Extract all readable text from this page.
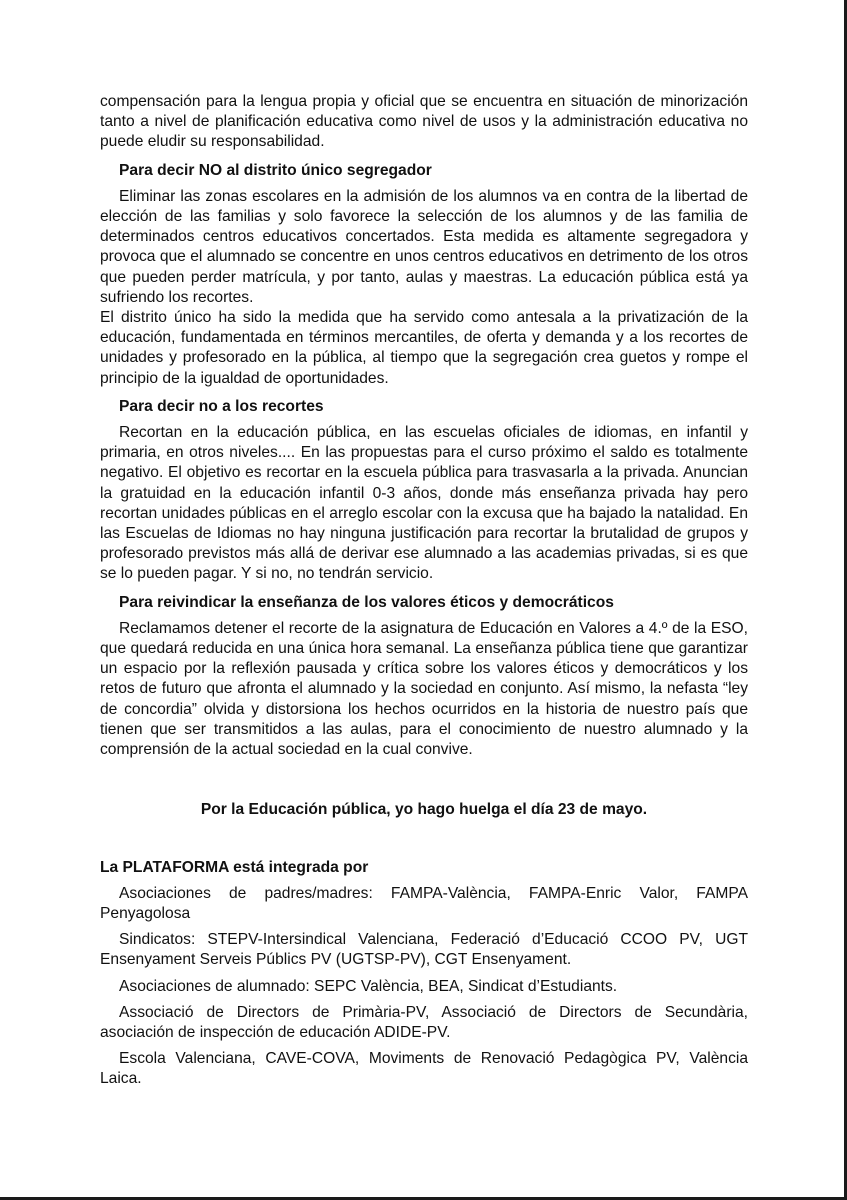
compensación para la lengua propia y oficial que se encuentra en situación de minorización tanto a nivel de planificación educativa como nivel de usos y la administración educativa no puede eludir su responsabilidad.

Para decir NO al distrito único segregador

Eliminar las zonas escolares en la admisión de los alumnos va en contra de la libertad de elección de las familias y solo favorece la selección de los alumnos y de las familia de determinados centros educativos concertados. Esta medida es altamente segregadora y provoca que el alumnado se concentre en unos centros educativos en detrimento de los otros que pueden perder matrícula, y por tanto, aulas y maestras. La educación pública está ya sufriendo los recortes.

El distrito único ha sido la medida que ha servido como antesala a la privatización de la educación, fundamentada en términos mercantiles, de oferta y demanda y a los recortes de unidades y profesorado en la pública, al tiempo que la segregación crea guetos y rompe el principio de la igualdad de oportunidades.

Para decir no a los recortes

Recortan en la educación pública, en las escuelas oficiales de idiomas, en infantil y primaria, en otros niveles.... En las propuestas para el curso próximo el saldo es totalmente negativo. El objetivo es recortar en la escuela pública para trasvasarla a la privada. Anuncian la gratuidad en la educación infantil 0-3 años, donde más enseñanza privada hay pero recortan unidades públicas en el arreglo escolar con la excusa que ha bajado la natalidad. En las Escuelas de Idiomas no hay ninguna justificación para recortar la brutalidad de grupos y profesorado previstos más allá de derivar ese alumnado a las academias privadas, si es que se lo pueden pagar. Y si no, no tendrán servicio.

Para reivindicar la enseñanza de los valores éticos y democráticos

Reclamamos detener el recorte de la asignatura de Educación en Valores a 4.º de la ESO, que quedará reducida en una única hora semanal. La enseñanza pública tiene que garantizar un espacio por la reflexión pausada y crítica sobre los valores éticos y democráticos y los retos de futuro que afronta el alumnado y la sociedad en conjunto. Así mismo, la nefasta “ley de concordia” olvida y distorsiona los hechos ocurridos en la historia de nuestro país que tienen que ser transmitidos a las aulas, para el conocimiento de nuestro alumnado y la comprensión de la actual sociedad en la cual convive.

Por la Educación pública, yo hago huelga el día 23 de mayo.

La PLATAFORMA está integrada por

Asociaciones de padres/madres: FAMPA-València, FAMPA-Enric Valor, FAMPA Penyagolosa

Sindicatos: STEPV-Intersindical Valenciana, Federació d’Educació CCOO PV, UGT Ensenyament Serveis Públics PV (UGTSP-PV), CGT Ensenyament.

Asociaciones de alumnado: SEPC València, BEA, Sindicat d’Estudiants.

Associació de Directors de Primària-PV, Associació de Directors de Secundària, asociación de inspección de educación ADIDE-PV.

Escola Valenciana, CAVE-COVA, Moviments de Renovació Pedagògica PV, València Laica.
